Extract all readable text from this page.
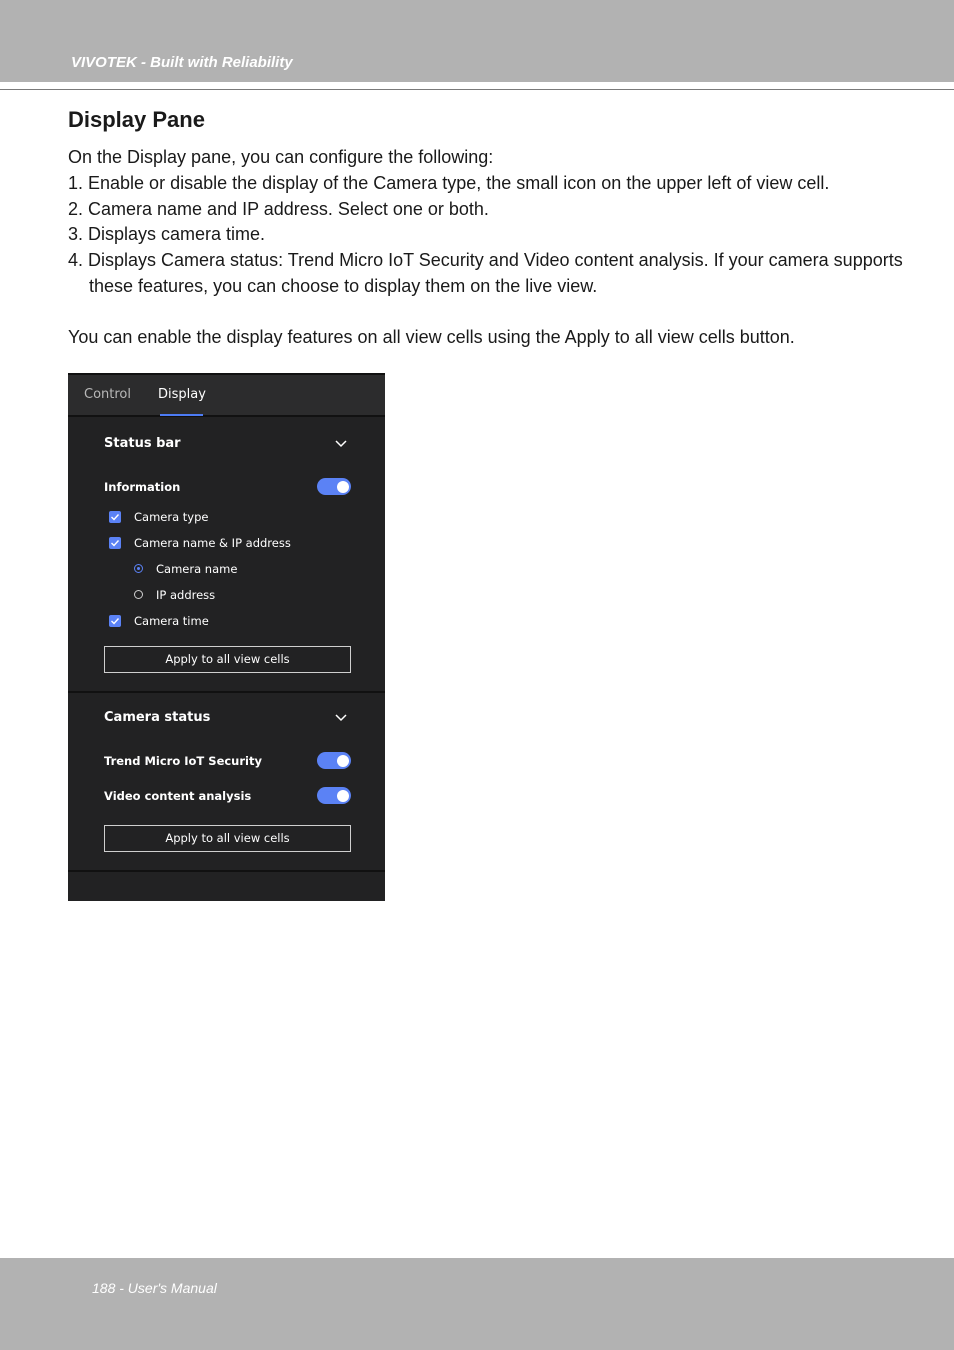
VIVOTEK - Built with Reliability
Display Pane
On the Display pane, you can configure the following:
1. Enable or disable the display of the Camera type, the small icon on the upper left of view cell.
2. Camera name and IP address. Select one or both.
3. Displays camera time.
4. Displays Camera status: Trend Micro IoT Security and Video content analysis. If your camera supports these features, you can choose to display them on the live view.
You can enable the display features on all view cells using the Apply to all view cells button.
Control Display
Status bar
Information
Camera type
Camera name & IP address
Camera name
IP address
Camera time
Apply to all view cells
Camera status
Trend Micro IoT Security
Video content analysis
Apply to all view cells
188 - User's Manual
